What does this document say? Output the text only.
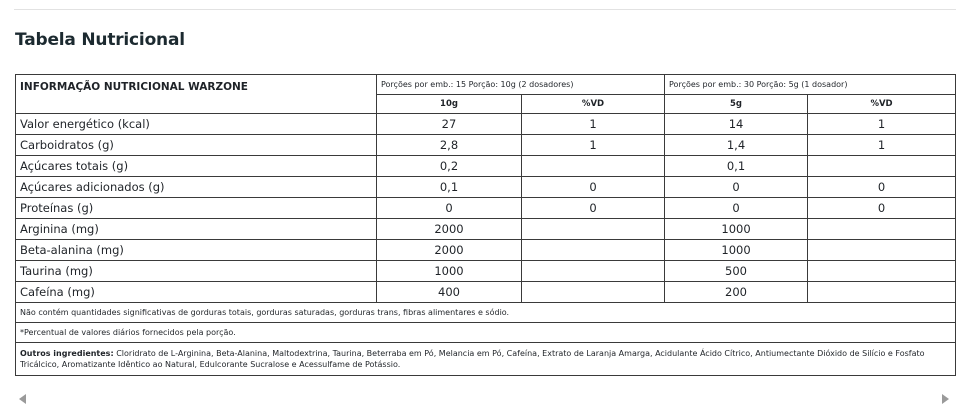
Tabela Nutricional
INFORMAÇÃO NUTRICIONAL WARZONE	Porções por emb.: 15 Porção: 10g (2 dosadores)		Porções por emb.: 30 Porção: 5g (1 dosador)	
	10g	%VD	5g	%VD
Valor energético (kcal)	27	1	14	1
Carboidratos (g)	2,8	1	1,4	1
Açúcares totais (g)	0,2		0,1	
Açúcares adicionados (g)	0,1	0	0	0
Proteínas (g)	0	0	0	0
Arginina (mg)	2000		1000	
Beta-alanina (mg)	2000		1000	
Taurina (mg)	1000		500	
Cafeína (mg)	400		200	
Não contém quantidades significativas de gorduras totais, gorduras saturadas, gorduras trans, fibras alimentares e sódio.				
*Percentual de valores diários fornecidos pela porção.				
Outros ingredientes: Cloridrato de L-Arginina, Beta-Alanina, Maltodextrina, Taurina, Beterraba em Pó, Melancia em Pó, Cafeína, Extrato de Laranja Amarga, Acidulante Ácido Cítrico, Antiumectante Dióxido de Silício e Fosfato Tricálcico, Aromatizante Idêntico ao Natural, Edulcorante Sucralose e Acessulfame de Potássio.				
